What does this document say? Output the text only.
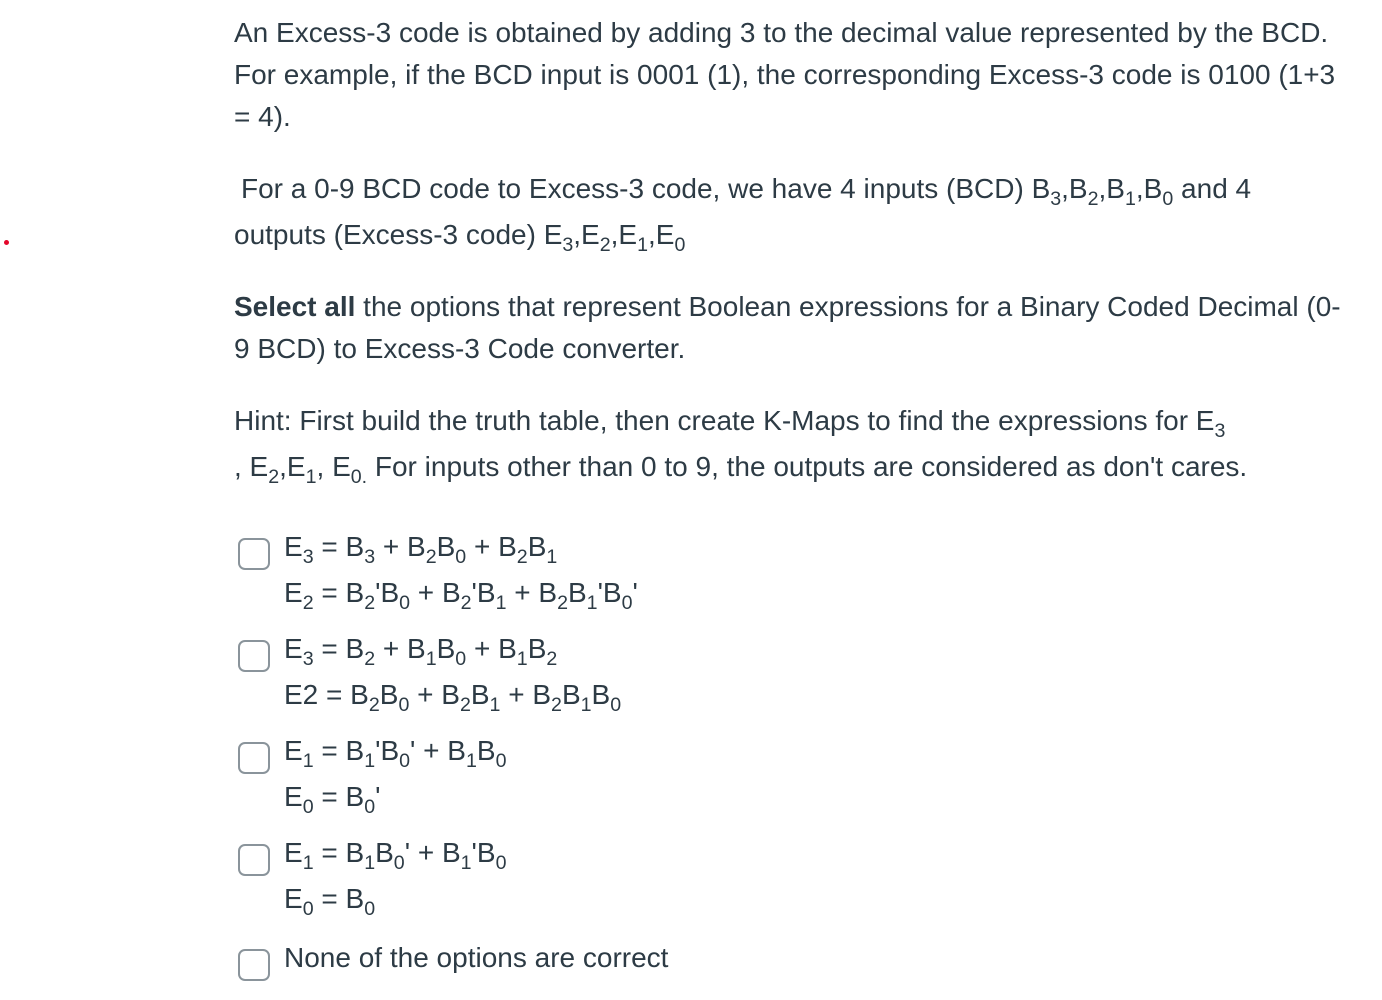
An Excess-3 code is obtained by adding 3 to the decimal value represented by the BCD. For example, if the BCD input is 0001 (1), the corresponding Excess-3 code is 0100 (1+3 = 4).

For a 0-9 BCD code to Excess-3 code, we have 4 inputs (BCD) $B_3,B_2,B_1,B_0$ and 4 outputs (Excess-3 code) $E_3,E_2,E_1,E_0$

Select all the options that represent Boolean expressions for a Binary Coded Decimal (0-9 BCD) to Excess-3 Code converter.

Hint: First build the truth table, then create K-Maps to find the expressions for $E_3$
, $E_2,E_1$, $E_{0.}$ For inputs other than 0 to 9, the outputs are considered as don't cares.

$E_3 = B_3 + B_2B_0 + B_2B_1$
$E_2 = B_2'B_0 + B_2'B_1 + B_2B_1'B_0'$
$E_3 = B_2 + B_1B_0 + B_1B_2$
$E2 = B_2B_0 + B_2B_1 + B_2B_1B_0$
$E_1 = B_1'B_0' + B_1B_0$
$E_0 = B_0'$
$E_1 = B_1B_0' + B_1'B_0$
$E_0 = B_0$
None of the options are correct
